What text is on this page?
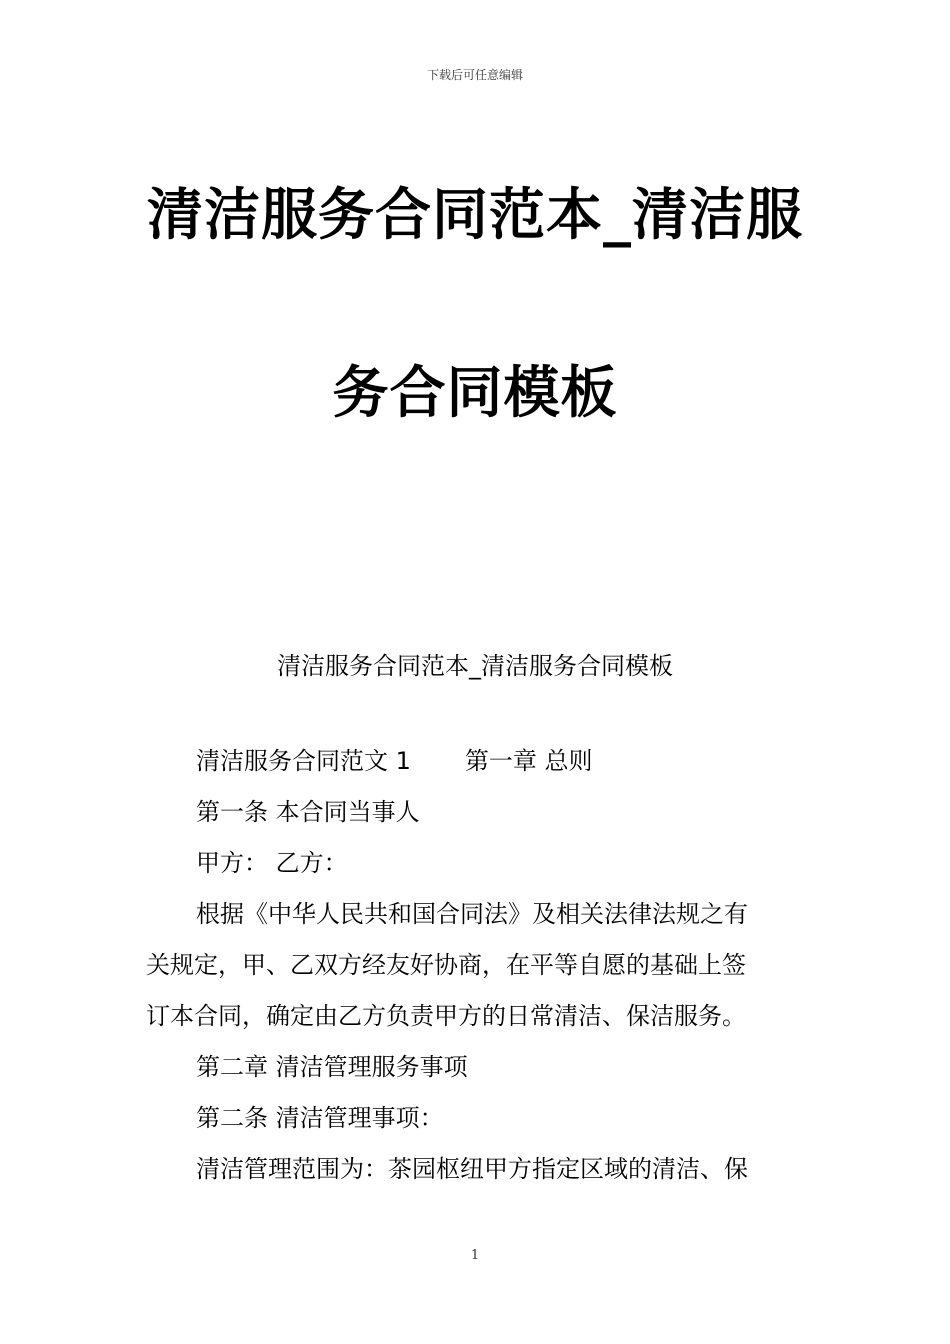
下载后可任意编辑
清洁服务合同范本_清洁服
务合同模板
清洁服务合同范本_清洁服务合同模板
清洁服务合同范文 1 第一章 总则
第一条 本合同当事人
甲方： 乙方：
根据《中华人民共和国合同法》及相关法律法规之有
关规定，甲、乙双方经友好协商，在平等自愿的基础上签
订本合同，确定由乙方负责甲方的日常清洁、保洁服务。
第二章 清洁管理服务事项
第二条 清洁管理事项：
清洁管理范围为：茶园枢纽甲方指定区域的清洁、保
1
